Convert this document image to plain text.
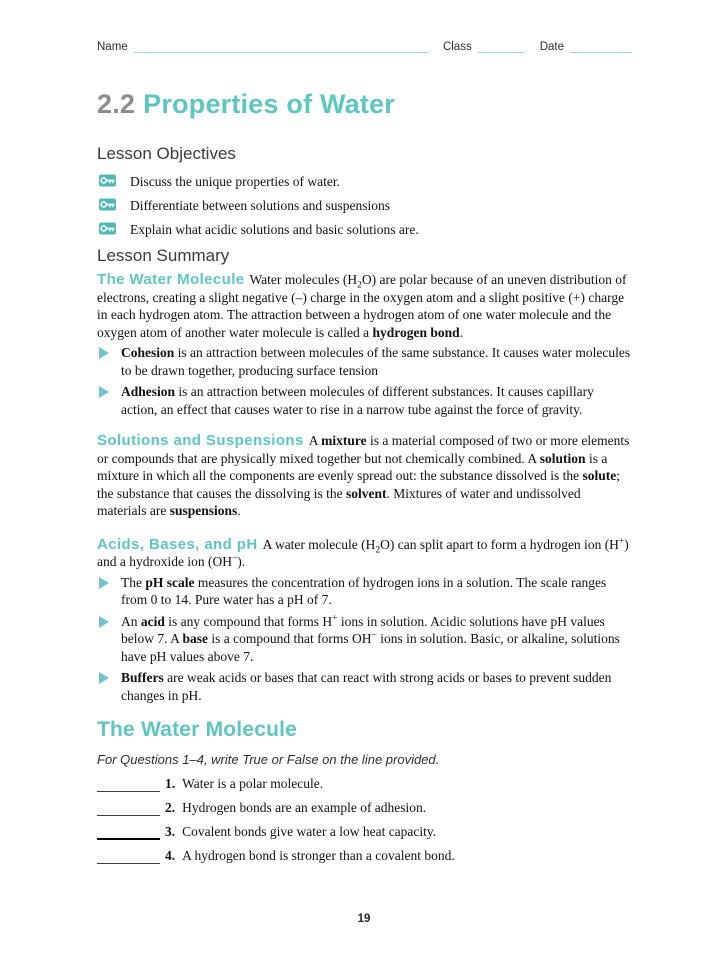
Name	Class	Date
2.2 Properties of Water
Lesson Objectives
Discuss the unique properties of water.
Differentiate between solutions and suspensions
Explain what acidic solutions and basic solutions are.
Lesson Summary

The Water Molecule Water molecules $(H_2O)$ are polar because of an uneven distribution of electrons, creating a slight negative (–) charge in the oxygen atom and a slight positive (+) charge in each hydrogen atom. The attraction between a hydrogen atom of one water molecule and the oxygen atom of another water molecule is called a hydrogen bond.

Cohesion is an attraction between molecules of the same substance. It causes water molecules to be drawn together, producing surface tension
Adhesion is an attraction between molecules of different substances. It causes capillary action, an effect that causes water to rise in a narrow tube against the force of gravity.

Solutions and Suspensions A mixture is a material composed of two or more elements or compounds that are physically mixed together but not chemically combined. A solution is a mixture in which all the components are evenly spread out: the substance dissolved is the solute; the substance that causes the dissolving is the solvent. Mixtures of water and undissolved materials are suspensions.

Acids, Bases, and pH A water molecule $(H_2O)$ can split apart to form a hydrogen ion (H+) and a hydroxide ion (OH−).

The pH scale measures the concentration of hydrogen ions in a solution. The scale ranges from 0 to 14. Pure water has a pH of 7.
An acid is any compound that forms H+ ions in solution. Acidic solutions have pH values below 7. A base is a compound that forms OH− ions in solution. Basic, or alkaline, solutions have pH values above 7.
Buffers are weak acids or bases that can react with strong acids or bases to prevent sudden changes in pH.
The Water Molecule
For Questions 1–4, write True or False on the line provided.
1. Water is a polar molecule.
2. Hydrogen bonds are an example of adhesion.
3. Covalent bonds give water a low heat capacity.
4. A hydrogen bond is stronger than a covalent bond.
19
